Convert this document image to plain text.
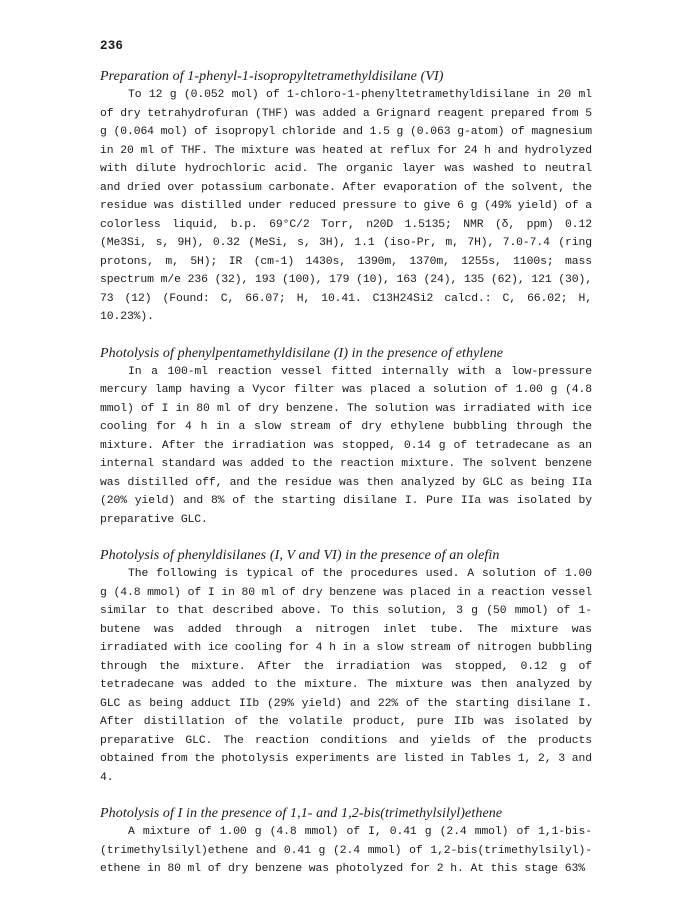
236
Preparation of 1-phenyl-1-isopropyltetramethyldisilane (VI)

To 12 g (0.052 mol) of 1-chloro-1-phenyltetramethyldisilane in 20 ml of dry tetrahydrofuran (THF) was added a Grignard reagent prepared from 5 g (0.064 mol) of isopropyl chloride and 1.5 g (0.063 g-atom) of magnesium in 20 ml of THF. The mixture was heated at reflux for 24 h and hydrolyzed with dilute hydrochloric acid. The organic layer was washed to neutral and dried over potassium carbonate. After evaporation of the solvent, the residue was distilled under reduced pressure to give 6 g (49% yield) of a colorless liquid, b.p. 69°C/2 Torr, n20D 1.5135; NMR (δ, ppm) 0.12 (Me3Si, s, 9H), 0.32 (MeSi, s, 3H), 1.1 (iso-Pr, m, 7H), 7.0-7.4 (ring protons, m, 5H); IR (cm-1) 1430s, 1390m, 1370m, 1255s, 1100s; mass spectrum m/e 236 (32), 193 (100), 179 (10), 163 (24), 135 (62), 121 (30), 73 (12) (Found: C, 66.07; H, 10.41. C13H24Si2 calcd.: C, 66.02; H, 10.23%).

Photolysis of phenylpentamethyldisilane (I) in the presence of ethylene

In a 100-ml reaction vessel fitted internally with a low-pressure mercury lamp having a Vycor filter was placed a solution of 1.00 g (4.8 mmol) of I in 80 ml of dry benzene. The solution was irradiated with ice cooling for 4 h in a slow stream of dry ethylene bubbling through the mixture. After the irradiation was stopped, 0.14 g of tetradecane as an internal standard was added to the reaction mixture. The solvent benzene was distilled off, and the residue was then analyzed by GLC as being IIa (20% yield) and 8% of the starting disilane I. Pure IIa was isolated by preparative GLC.

Photolysis of phenyldisilanes (I, V and VI) in the presence of an olefin

The following is typical of the procedures used. A solution of 1.00 g (4.8 mmol) of I in 80 ml of dry benzene was placed in a reaction vessel similar to that described above. To this solution, 3 g (50 mmol) of 1-butene was added through a nitrogen inlet tube. The mixture was irradiated with ice cooling for 4 h in a slow stream of nitrogen bubbling through the mixture. After the irradiation was stopped, 0.12 g of tetradecane was added to the mixture. The mixture was then analyzed by GLC as being adduct IIb (29% yield) and 22% of the starting disilane I. After distillation of the volatile product, pure IIb was isolated by preparative GLC. The reaction conditions and yields of the products obtained from the photolysis experiments are listed in Tables 1, 2, 3 and 4.

Photolysis of I in the presence of 1,1- and 1,2-bis(trimethylsilyl)ethene

A mixture of 1.00 g (4.8 mmol) of I, 0.41 g (2.4 mmol) of 1,1-bis-(trimethylsilyl)ethene and 0.41 g (2.4 mmol) of 1,2-bis(trimethylsilyl)-ethene in 80 ml of dry benzene was photolyzed for 2 h. At this stage 63%
